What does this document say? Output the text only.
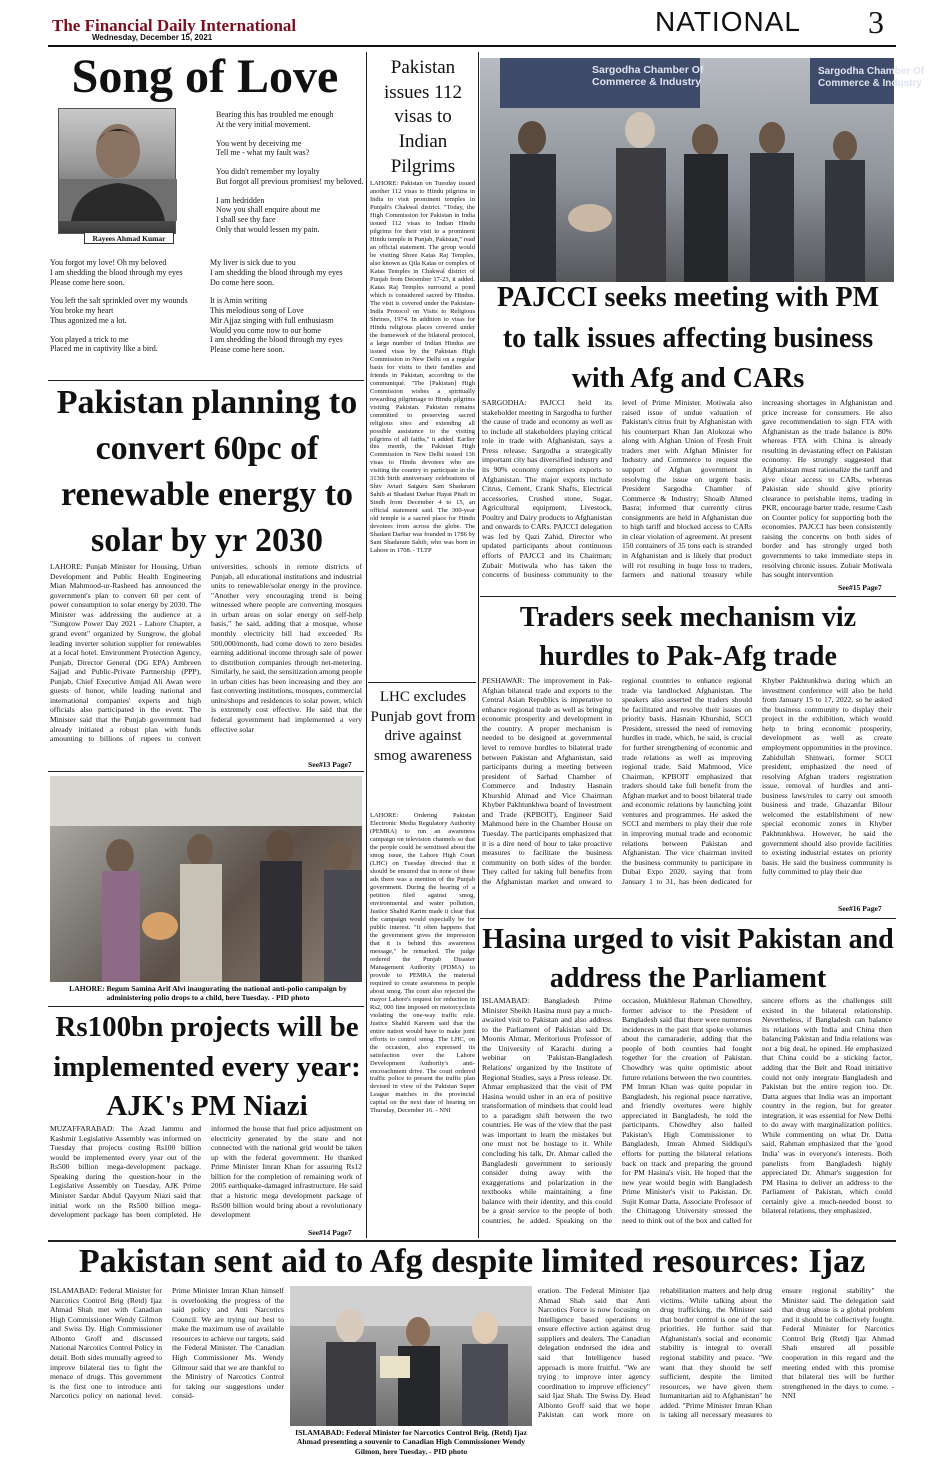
The Financial Daily International
Wednesday, December 15, 2021
NATIONAL 3
Song of Love
Rayees Ahmad Kumar

Bearing this has troubled me enough
At the very initial movement.

You went by deceiving me
Tell me - what my fault was?

You didn't remember my loyalty
But forgot all previous promises! my beloved.

I am bedridden
Now you shall enquire about me
I shall see thy face
Only that would lessen my pain.

You forgot my love! Oh my beloved
I am shedding the blood through my eyes
Please come here soon.

You left the salt sprinkled over my wounds
You broke my heart
Thus agonized me a lot.

You played a trick to me
Placed me in captivity like a bird.

My liver is sick due to you
I am shedding the blood through my eyes
Do come here soon.

It is Amin writing
This melodious song of Love
Mir Ajjaz singing with full enthusiasm
Would you come now to our home
I am shedding the blood through my eyes
Please come here soon.

Pakistan planning to convert 60pc of renewable energy to solar by yr 2030
LAHORE: Punjab Minister for Housing, Urban Development and Public Health Engineering Mian Mahmood-ur-Rasheed has announced the government's plan to convert 60 per cent of power consumption to solar energy by 2030. The Minister was addressing the audience at a "Sungrow Power Day 2021 - Lahore Chapter, a grand event" organized by Sungrow, the global leading inverter solution supplier for renewables at a local hotel. Environment Protection Agency, Punjab, Director General (DG EPA) Ambreen Sajjad and Public-Private Partnership (PPP), Punjab, Chief Executive Amjad Ali Awan were guests of honor, while leading national and international companies' experts and high officials also participated in the event. The Minister said that the Punjab government had already initiated a robust plan with funds amounting to billions of rupees to convert universities, schools in remote districts of Punjab, all educational institutions and industrial units to renewable/solar energy in the province. "Another very encouraging trend is being witnessed where people are converting mosques in urban areas on solar energy on self-help basis," he said, adding that a mosque, whose monthly electricity bill had exceeded Rs 500,000/month, had come down to zero besides earning additional income through sale of power to distribution companies through net-metering. Similarly, he said, the sensitization among people in urban cities has been increasing and they are fast converting institutions, mosques, commercial units/shops and residences to solar power, which is extremely cost effective. He said that the federal government had implemented a very effective solar
See#13 Page7
LAHORE: Begum Samina Arif Alvi inaugurating the national anti-polio campaign by administering polio drops to a child, here Tuesday. - PID photo
Rs100bn projects will be implemented every year: AJK's PM Niazi
MUZAFFARABAD: The Azad Jammu and Kashmir Legislative Assembly was informed on Tuesday that projects costing Rs100 billion would be implemented every year out of the Rs500 billion mega-development package. Speaking during the question-hour in the Legislative Assembly on Tuesday, AJK Prime Minister Sardar Abdul Qayyum Niazi said that initial work on the Rs500 billion mega-development package has been completed. He informed the house that fuel price adjustment on electricity generated by the state and not connected with the national grid would be taken up with the federal government. He thanked Prime Minister Imran Khan for assuring Rs12 billion for the completion of remaining work of 2005 earthquake-damaged infrastructure. He said that a historic mega development package of Rs500 billion would bring about a revolutionary development
See#14 Page7
Pakistan issues 112 visas to Indian Pilgrims
LAHORE: Pakistan on Tuesday issued another 112 visas to Hindu pilgrims in India to visit prominent temples in Punjab's Chakwal district. "Today, the High Commission for Pakistan in India issued 112 visas to Indian Hindu pilgrims for their visit to a prominent Hindu temple in Punjab, Pakistan," read an official statement. The group would be visiting Shree Katas Raj Temples, also known as Qila Katas or complex of Katas Temples in Chakwal district of Punjab from December 17-23, it added. Katas Raj Temples surround a pond which is considered sacred by Hindus. The visit is covered under the Pakistan-India Protocol on Visits to Religious Shrines, 1974. In addition to visas for Hindu religious places covered under the framework of the bilateral protocol, a large number of Indian Hindus are issued visas by the Pakistan High Commission in New Delhi on a regular basis for visits to their families and friends in Pakistan, according to the communiqué. "The [Pakistan] High Commission wishes a spiritually rewarding pilgrimage to Hindu pilgrims visiting Pakistan. Pakistan remains committed to preserving sacred religious sites and extending all possible assistance to the visiting pilgrims of all faiths," it added. Earlier this month, the Pakistan High Commission in New Delhi issued 136 visas to Hindu devotees who are visiting the country to participate in the 313th birth anniversary celebrations of Shiv Avtari Satguru Sant Shadaram Sahib at Shadani Darbar Hayat Pitafi in Sindh from December 4 to 15, an official statement said. The 300-year old temple is a sacred place for Hindu devotees from across the globe. The Shadani Darbar was founded in 1786 by Sant Shadaram Sahib, who was born in Lahore in 1708. - TLTP
LHC excludes Punjab govt from drive against smog awareness
LAHORE: Ordering Pakistan Electronic Media Regulatory Authority (PEMRA) to run an awareness campaign on television channels so that the people could be sensitised about the smog issue, the Lahore High Court (LHC) on Tuesday directed that it should be ensured that in none of these ads there was a mention of the Punjab government. During the hearing of a petition filed against smog, environmental and water pollution, Justice Shahid Karim made it clear that the campaign would especially be for public interest. "It often happens that the government gives the impression that it is behind this awareness message," he remarked. The judge ordered the Punjab Disaster Management Authority (PDMA) to provide to PEMRA the material required to create awareness in people about smog. The court also rejected the mayor Lahore's request for reduction in Rs2, 000 fine imposed on motorcyclists violating the one-way traffic rule. Justice Shahid Kareem said that the entire nation would have to make joint efforts to control smog. The LHC, on the occasion, also expressed its satisfaction over the Lahore Development Authority's anti-encroachment drive. The court ordered traffic police to present the traffic plan devised in view of the Pakistan Super League matches in the provincial capital on the next date of hearing on Thursday, December 16. - NNI
Sargodha Chamber Of
Commerce & Industry
Sargodha Chamber Of
Commerce & Industry
PAJCCI seeks meeting with PM to talk issues affecting business with Afg and CARs
SARGODHA: PAJCCI held its stakeholder meeting in Sargodha to further the cause of trade and economy as well as to include all stakeholders playing critical role in trade with Afghanistan, says a Press release. Sargodha a strategically important city has diversified industry and its 90% economy comprises exports to Afghanistan. The major exports include Citrus, Cement, Crank Shafts, Electrical accessories, Crushed stone, Sugar, Agricultural equipment, Livestock, Poultry and Dairy products to Afghanistan and onwards to CARs. PAJCCI delegation was led by Qazi Zahid, Director who updated participants about continuous efforts of PAJCCI and its Chairman; Zubair Motiwala who has taken the concerns of business community to the level of Prime Minister. Motiwala also raised issue of undue valuation of Pakistan's citrus fruit by Afghanistan with his counterpart Khan Jan Alokozai who along with Afghan Union of Fresh Fruit traders met with Afghan Minister for Industry and Commerce to request the support of Afghan government in resolving the issue on urgent basis. President Sargodha Chamber of Commerce & Industry; Shoaib Ahmed Basra; informed that currently citrus consignments are held in Afghanistan due to high tariff and blocked access to CARs in clear violation of agreement. At present 150 containers of 35 tons each is stranded in Afghanistan and is likely that product will rot resulting in huge loss to traders, farmers and national treasury while increasing shortages in Afghanistan and price increase for consumers. He also gave recommendation to sign FTA with Afghanistan as the trade balance is 80% whereas FTA with China is already resulting in devastating effect on Pakistan economy. He strongly suggested that Afghanistan must rationalize the tariff and give clear access to CARs, whereas Pakistan side should give priority clearance to perishable items, trading in PKR, encourage barter trade, resume Cash on Counter policy for supporting both the economies. PAJCCI has been consistently raising the concerns on both sides of border and has strongly urged both governments to take immediate steps in resolving chronic issues. Zubair Motiwala has sought intervention
See#15 Page7
Traders seek mechanism viz hurdles to Pak-Afg trade
PESHAWAR: The improvement in Pak-Afghan bilateral trade and exports to the Central Asian Republics is imperative to enhance regional trade as well as bringing economic prosperity and development in the country. A proper mechanism is needed to be designed at governmental level to remove hurdles to bilateral trade between Pakistan and Afghanistan, said participants during a meeting between president of Sarhad Chamber of Commerce and Industry Hasnain Khurshid Ahmad and Vice Chairman Khyber Pakhtunkhwa board of Investment and Trade (KPBOIT), Engineer Said Mahmood here in the Chamber House on Tuesday. The participants emphasized that it is a dire need of hour to take proactive measures to facilitate the business community on both sides of the border. They called for taking full benefits from the Afghanistan market and onward to regional countries to enhance regional trade via landlocked Afghanistan. The speakers also asserted the traders should be facilitated and resolve their issues on priority basis. Hasnain Khurshid, SCCI President, stressed the need of removing hurdles in trade, which, he said, is crucial for further strengthening of economic and trade relations as well as improving regional trade. Said Mahmood, Vice Chairman, KPBOIT emphasized that traders should take full benefit from the Afghan market and to boost bilateral trade and economic relations by launching joint ventures and programmes. He asked the SCCI and members to play their due role in improving mutual trade and economic relations between Pakistan and Afghanistan. The vice chairman invited the business community to participate in Dubai Expo 2020, saying that from January 1 to 31, has been dedicated for Khyber Pakhtunkhwa during which an investment conference will also be held from January 15 to 17, 2022, so he asked the business community to display their project in the exhibition, which would help to bring economic prosperity, development as well as create employment opportunities in the province. Zahidullah Shinwari, former SCCI president, emphasized the need of resolving Afghan traders registration issue, removal of hurdles and anti-business laws/rules to carry out smooth business and trade. Ghazanfar Bilour welcomed the establishment of new special economic zones in Khyber Pakhtunkhwa. However, he said the government should also provide facilities to existing industrial estates on priority basis. He said the business community is fully committed to play their due
See#16 Page7
Hasina urged to visit Pakistan and address the Parliament
ISLAMABAD: Bangladesh Prime Minister Sheikh Hasina must pay a much-awaited visit to Pakistan and also address to the Parliament of Pakistan said Dr. Moonis Ahmar, Meritorious Professor of the University of Karachi during a webinar on 'Pakistan-Bangladesh Relations' organized by the Institute of Regional Studies, says a Press release. Dr. Ahmar emphasized that the visit of PM Hasina would usher in an era of positive transformation of mindsets that could lead to a paradigm shift between the two countries. He was of the view that the past was important to learn the mistakes but one must not be hostage to it. While concluding his talk, Dr. Ahmar called the Bangladesh government to seriously consider doing away with the exaggerations and polarization in the textbooks while maintaining a fine balance with their identity, and this could be a great service to the people of both countries, he added. Speaking on the occasion, Mukhlesur Rahman Chowdhry, former advisor to the President of Bangladesh said that there were numerous incidences in the past that spoke volumes about the camaraderie, adding that the people of both counties had fought together for the creation of Pakistan. Chowdhry was quite optimistic about future relations between the two countries. PM Imran Khan was quite popular in Bangladesh, his regional peace narrative, and friendly overtures were highly appreciated in Bangladesh, he told the participants. Chowdhry also hailed Pakistan's High Commissioner to Bangladesh, Imran Ahmed Siddiqui's efforts for putting the bilateral relations back on track and preparing the ground for PM Hasina's visit. He hoped that the new year would begin with Bangladesh Prime Minister's visit to Pakistan. Dr. Sujit Kumar Datta, Associate Professor of the Chittagong University stressed the need to think out of the box and called for sincere efforts as the challenges still existed in the bilateral relationship. Nevertheless, if Bangladesh can balance its relations with India and China then balancing Pakistan and India relations was not a big deal, he opined. He emphasized that China could be a sticking factor, adding that the Belt and Road initiative could not only integrate Bangladesh and Pakistan but the entire region too. Dr. Datta argues that India was an important country in the region, but for greater integration, it was essential for New Delhi to do away with marginalization politics. While commenting on what Dr. Datta said, Rahman emphasized that the 'good India' was in everyone's interests. Both panelists from Bangladesh highly appreciated Dr. Ahmar's suggestion for PM Hasina to deliver an address to the Parliament of Pakistan, which could certainly give a much-needed boost to bilateral relations, they emphasized.
Pakistan sent aid to Afg despite limited resources: Ijaz
ISLAMABAD: Federal Minister for Narcotics Control Brig (Retd) Ijaz Ahmad Shah met with Canadian High Commissioner Wendy Gilmon and Swiss Dy. High Commissioner Albonto Groff and discussed National Narcotics Control Policy in detail. Both sides mutually agreed to improve bilateral ties to fight the menace of drugs. This government is the first one to introduce anti Narcotics policy on national level. Prime Minister Imran Khan himself is overlooking the progress of the said policy and Anti Narcotics Council. We are trying our best to make the maximum use of available resources to achieve our targets, said the Federal Minister. The Canadian High Commissioner Ms. Wendy Gilmour said that we are thankful to the Ministry of Narcotics Control for taking our suggestions under consid-
ISLAMABAD: Federal Minister for Narcotics Control Brig. (Retd) Ijaz Ahmad presenting a souvenir to Canadian High Commissioner Wendy Gilmon, here Tuesday. - PID photo
eration. The Federal Minister Ijaz Ahmad Shah said that Anti Narcotics Force is now focusing on Intelligence based operations to ensure effective action against drug suppliers and dealers. The Canadian delegation endorsed the idea and said that Intelligence based approach is more fruitful. "We are trying to improve inter agency coordination to improve efficiency" said Ijaz Shah. The Swiss Dy. Head Albonto Groff said that we hope Pakistan can work more on rehabilitation matters and help drug victims. While talking about the drug trafficking, the Minister said that border control is one of the top priorities. He further said that Afghanistan's social and economic stability is integral to overall regional stability and peace. "We want that they should be self sufficient, despite the limited resources, we have given them humanitarian aid to Afghanistan" he added. "Prime Minister Imran Khan is taking all necessary measures to ensure regional stability" the Minister said. The delegation said that drug abuse is a global problem and it should be collectively fought. Federal Minister for Narcotics Control Brig (Retd) Ijaz Ahmad Shah ensured all possible cooperation in this regard and the meeting ended with this promise that bilateral ties will be further strengthened in the days to come. - NNI
